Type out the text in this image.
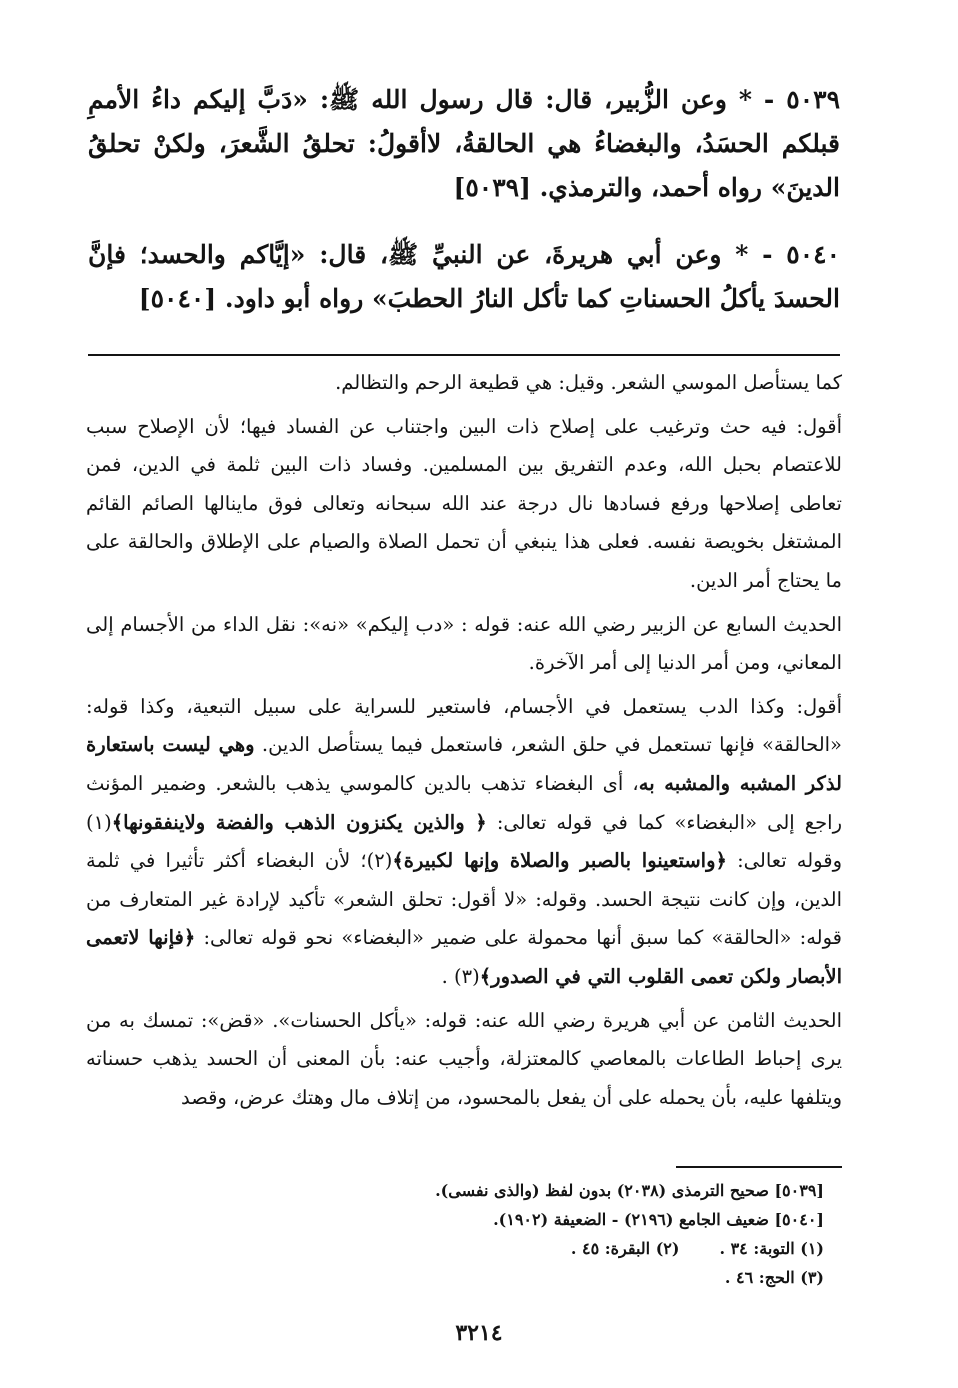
٥٠٣٩ - * وعن الزُّبير، قال: قال رسول الله ﷺ: «دَبَّ إليكم داءُ الأممِ قبلكم الحسَدُ، والبغضاءُ هي الحالقةُ، لاأقولُ: تحلقُ الشَّعرَ، ولكنْ تحلقُ الدينَ» رواه أحمد، والترمذي. [٥٠٣٩]

٥٠٤٠ - * وعن أبي هريرةَ، عن النبيِّ ﷺ، قال: «إيَّاكم والحسد؛ فإنَّ الحسدَ يأكلُ الحسناتِ كما تأكل النارُ الحطبَ» رواه أبو داود. [٥٠٤٠]

كما يستأصل الموسي الشعر. وقيل: هي قطيعة الرحم والتظالم.

أقول: فيه حث وترغيب على إصلاح ذات البين واجتناب عن الفساد فيها؛ لأن الإصلاح سبب للاعتصام بحبل الله، وعدم التفريق بين المسلمين. وفساد ذات البين ثلمة في الدين، فمن تعاطى إصلاحها ورفع فسادها نال درجة عند الله سبحانه وتعالى فوق ماينالها الصائم القائم المشتغل بخويصة نفسه. فعلى هذا ينبغي أن تحمل الصلاة والصيام على الإطلاق والحالقة على ما يحتاج أمر الدين.

الحديث السابع عن الزبير رضي الله عنه: قوله : «دب إليكم» «نه»: نقل الداء من الأجسام إلى المعاني، ومن أمر الدنيا إلى أمر الآخرة.

أقول: وكذا الدب يستعمل في الأجسام، فاستعير للسراية على سبيل التبعية، وكذا قوله: «الحالقة» فإنها تستعمل في حلق الشعر، فاستعمل فيما يستأصل الدين. وهي ليست باستعارة لذكر المشبه والمشبه به، أى البغضاء تذهب بالدين كالموسي يذهب بالشعر. وضمير المؤنث راجع إلى «البغضاء» كما في قوله تعالى: ﴿ والذين يكنزون الذهب والفضة ولاينفقونها﴾(١) وقوله تعالى: ﴿واستعينوا بالصبر والصلاة وإنها لكبيرة﴾(٢)؛ لأن البغضاء أكثر تأثيرا في ثلمة الدين، وإن كانت نتيجة الحسد. وقوله: «لا أقول: تحلق الشعر» تأكيد لإرادة غير المتعارف من قوله: «الحالقة» كما سبق أنها محمولة على ضمير «البغضاء» نحو قوله تعالى: ﴿فإنها لاتعمى الأبصار ولكن تعمى القلوب التي في الصدور﴾(٣) .

الحديث الثامن عن أبي هريرة رضي الله عنه: قوله: «يأكل الحسنات». «قض»: تمسك به من يرى إحباط الطاعات بالمعاصي كالمعتزلة، وأجيب عنه: بأن المعنى أن الحسد يذهب حسناته ويتلفها عليه، بأن يحمله على أن يفعل بالمحسود، من إتلاف مال وهتك عرض، وقصد

[٥٠٣٩] صحيح الترمذى (٢٠٣٨) بدون لفظ (والذى نفسى).

[٥٠٤٠] ضعيف الجامع (٢١٩٦) - الضعيفة (١٩٠٢).

(١) التوبة: ٣٤ .
(٢) البقرة: ٤٥ .

(٣) الحج: ٤٦ .

٣٢١٤
